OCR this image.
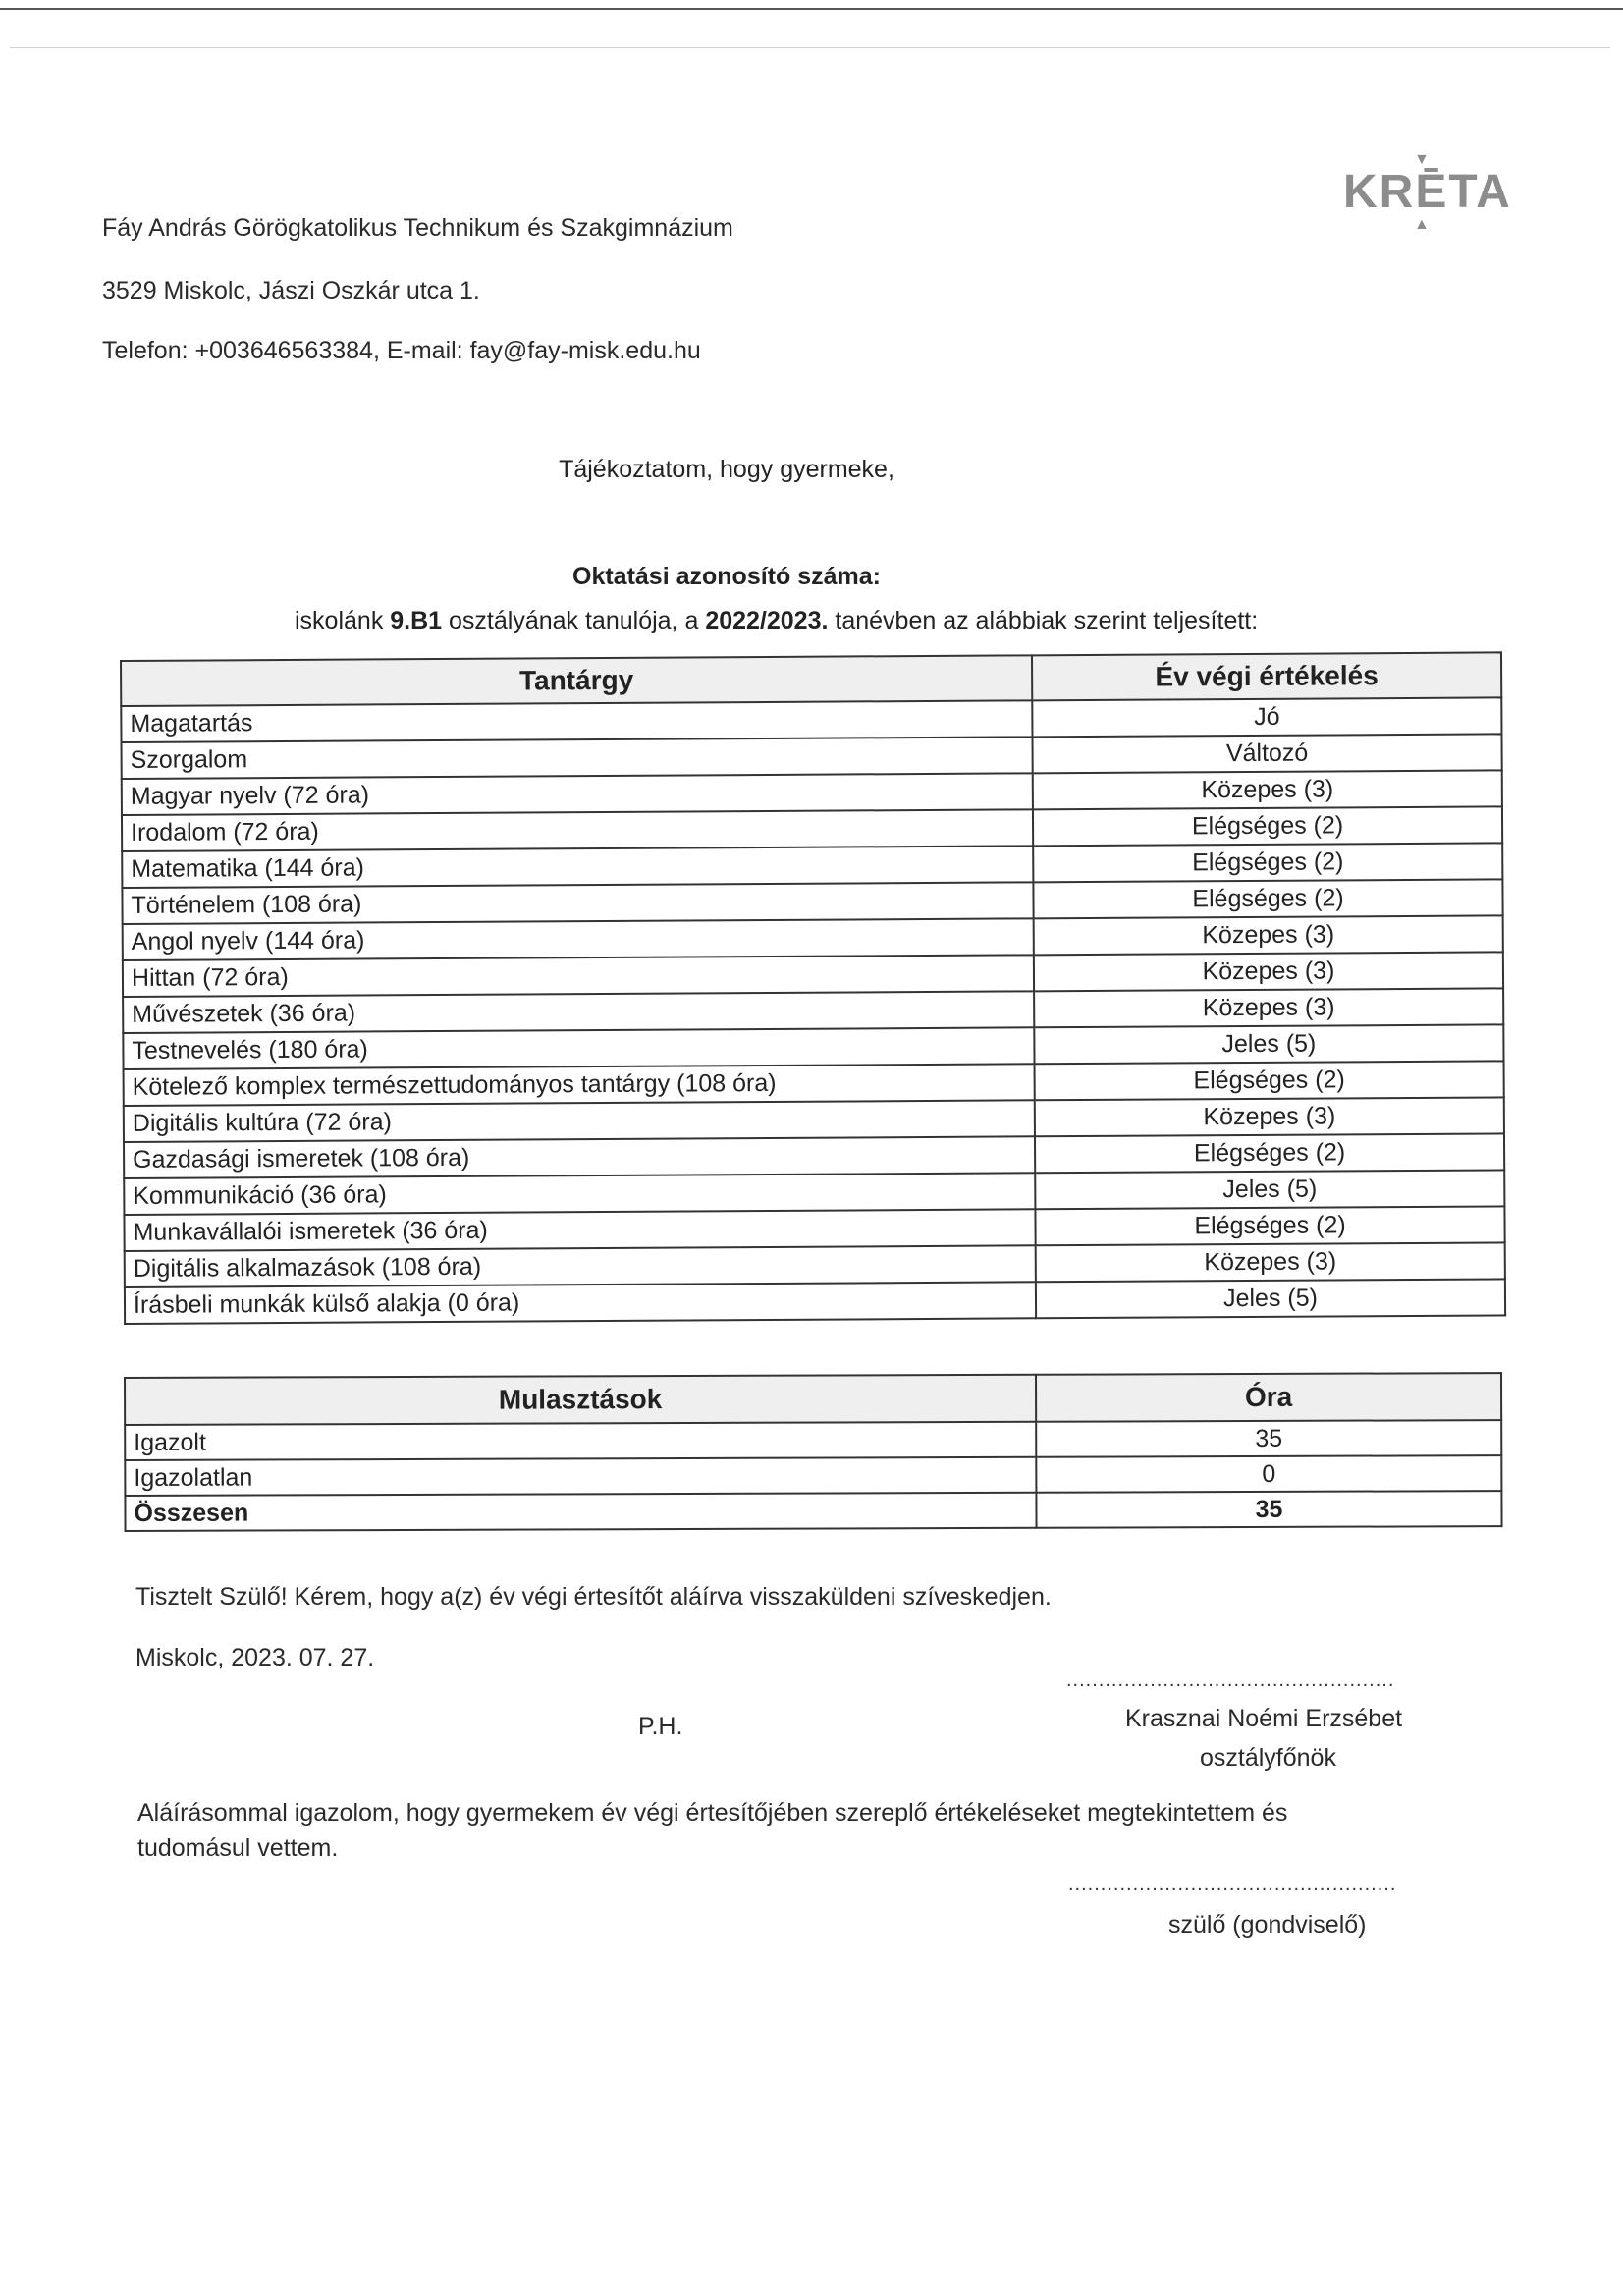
▼
KRĒTA
▲
Fáy András Görögkatolikus Technikum és Szakgimnázium
3529 Miskolc, Jászi Oszkár utca 1.
Telefon: +003646563384, E-mail: fay@fay-misk.edu.hu
Tájékoztatom, hogy gyermeke,
Oktatási azonosító száma:
iskolánk 9.B1 osztályának tanulója, a 2022/2023. tanévben az alábbiak szerint teljesített:
Tantárgy	Év végi értékelés
Magatartás	Jó
Szorgalom	Változó
Magyar nyelv (72 óra)	Közepes (3)
Irodalom (72 óra)	Elégséges (2)
Matematika (144 óra)	Elégséges (2)
Történelem (108 óra)	Elégséges (2)
Angol nyelv (144 óra)	Közepes (3)
Hittan (72 óra)	Közepes (3)
Művészetek (36 óra)	Közepes (3)
Testnevelés (180 óra)	Jeles (5)
Kötelező komplex természettudományos tantárgy (108 óra)	Elégséges (2)
Digitális kultúra (72 óra)	Közepes (3)
Gazdasági ismeretek (108 óra)	Elégséges (2)
Kommunikáció (36 óra)	Jeles (5)
Munkavállalói ismeretek (36 óra)	Elégséges (2)
Digitális alkalmazások (108 óra)	Közepes (3)
Írásbeli munkák külső alakja (0 óra)	Jeles (5)
Mulasztások	Óra
Igazolt	35
Igazolatlan	0
Összesen	35
Tisztelt Szülő! Kérem, hogy a(z) év végi értesítőt aláírva visszaküldeni szíveskedjen.
Miskolc, 2023. 07. 27.
...................................................
P.H.	Krasznai Noémi Erzsébet
osztályfőnök
Aláírásommal igazolom, hogy gyermekem év végi értesítőjében szereplő értékeléseket megtekintettem és tudomásul vettem.
...................................................
szülő (gondviselő)
